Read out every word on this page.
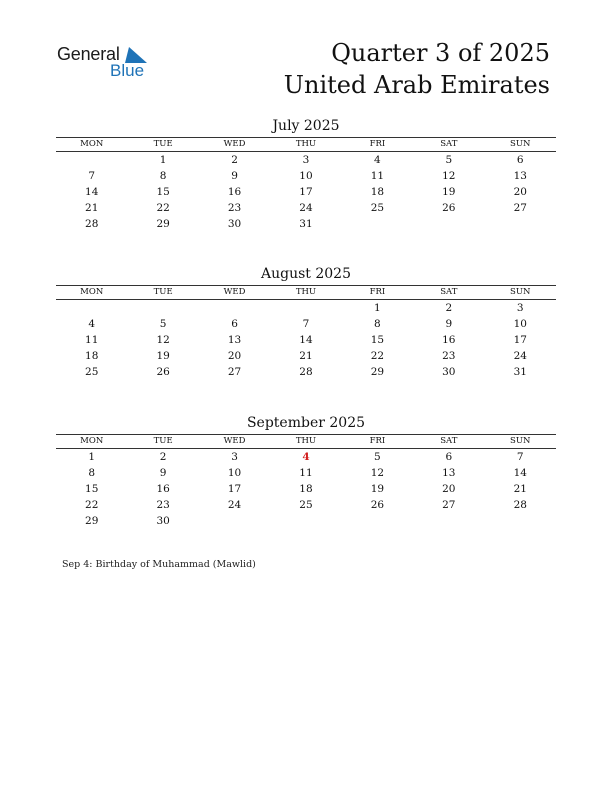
General
Blue
Quarter 3 of 2025
United Arab Emirates
July 2025
MON	TUE	WED	THU	FRI	SAT	SUN
	1	2	3	4	5	6
7	8	9	10	11	12	13
14	15	16	17	18	19	20
21	22	23	24	25	26	27
28	29	30	31			
August 2025
MON	TUE	WED	THU	FRI	SAT	SUN
				1	2	3
4	5	6	7	8	9	10
11	12	13	14	15	16	17
18	19	20	21	22	23	24
25	26	27	28	29	30	31
September 2025
MON	TUE	WED	THU	FRI	SAT	SUN
1	2	3	4	5	6	7
8	9	10	11	12	13	14
15	16	17	18	19	20	21
22	23	24	25	26	27	28
29	30					
Sep 4: Birthday of Muhammad (Mawlid)
